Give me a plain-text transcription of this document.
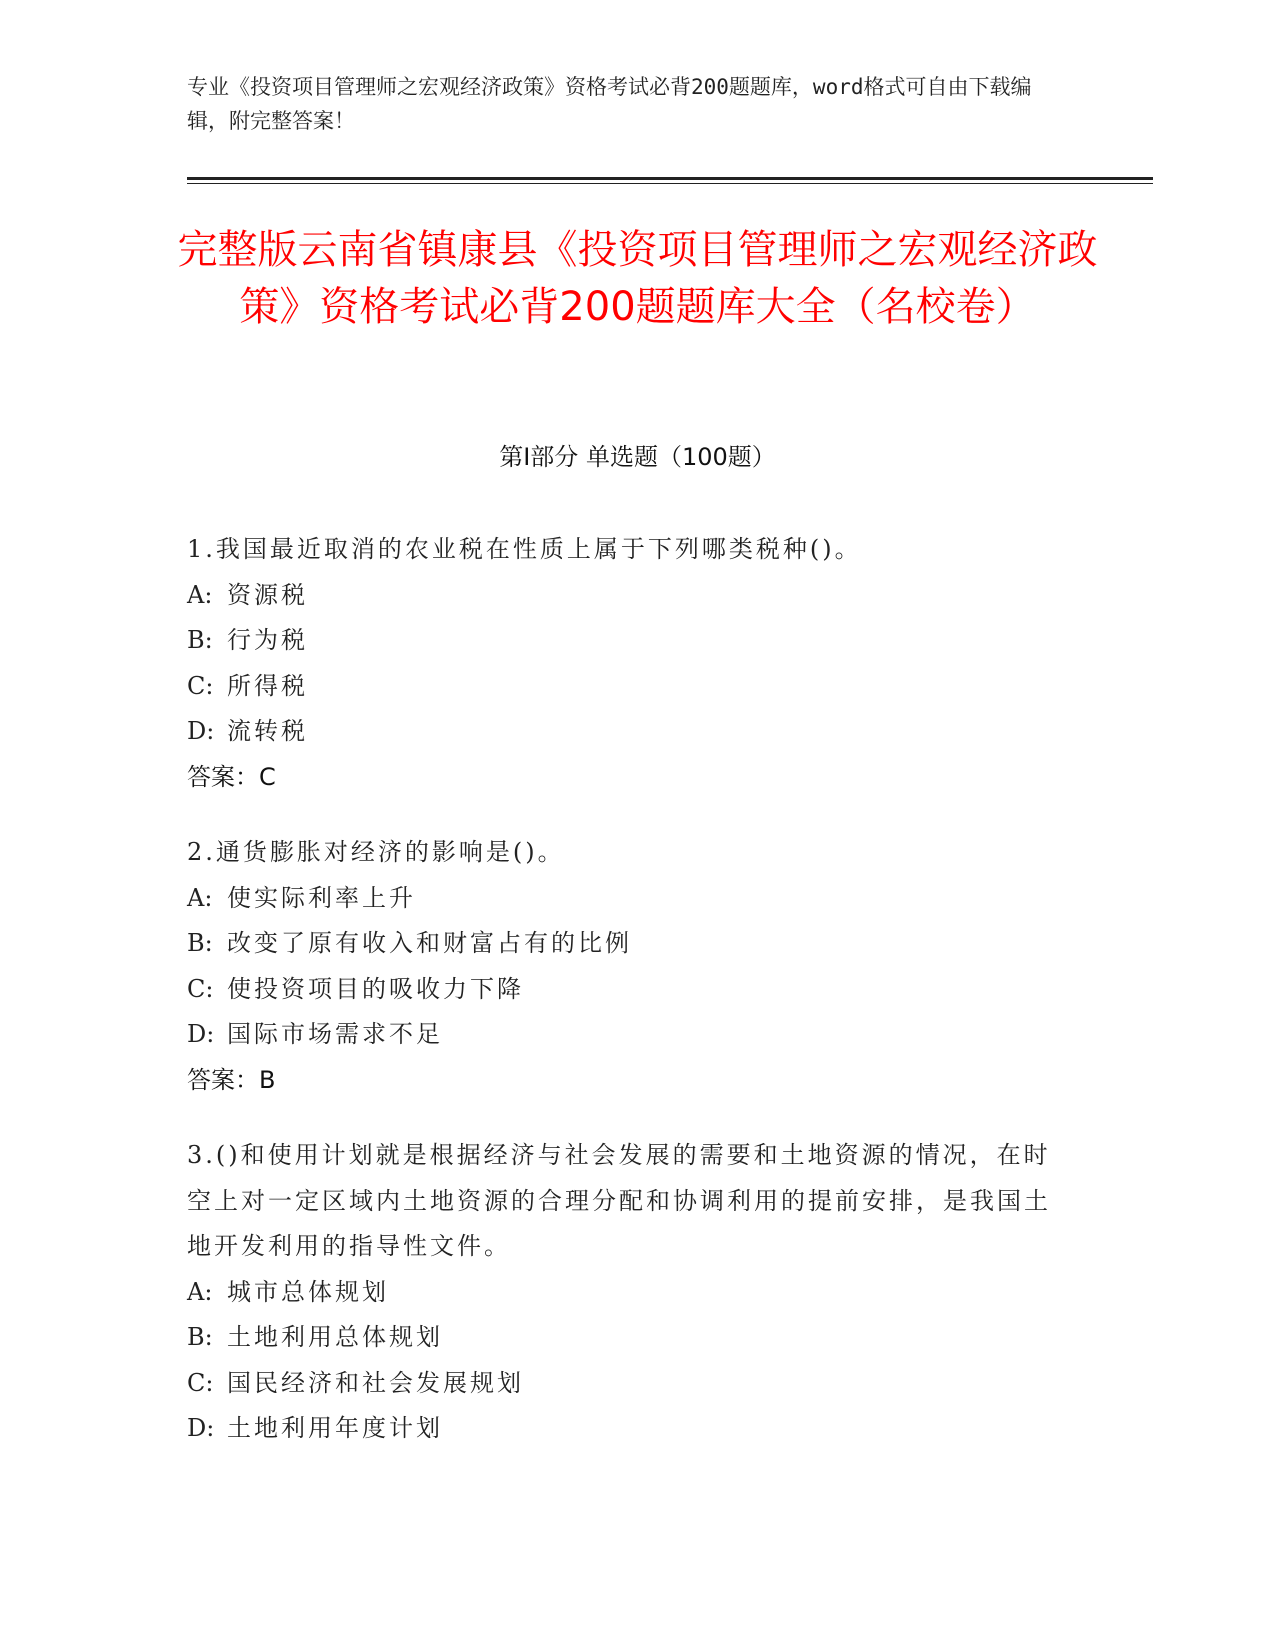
专业《投资项目管理师之宏观经济政策》资格考试必背200题题库，word格式可自由下载编辑，附完整答案！
完整版云南省镇康县《投资项目管理师之宏观经济政策》资格考试必背200题题库大全（名校卷）
第Ⅰ部分 单选题（100题）
1.我国最近取消的农业税在性质上属于下列哪类税种()。
A: 资源税
B: 行为税
C: 所得税
D: 流转税
答案：C
2.通货膨胀对经济的影响是()。
A: 使实际利率上升
B: 改变了原有收入和财富占有的比例
C: 使投资项目的吸收力下降
D: 国际市场需求不足
答案：B
3.()和使用计划就是根据经济与社会发展的需要和土地资源的情况，在时空上对一定区域内土地资源的合理分配和协调利用的提前安排，是我国土地开发利用的指导性文件。
A: 城市总体规划
B: 土地利用总体规划
C: 国民经济和社会发展规划
D: 土地利用年度计划
